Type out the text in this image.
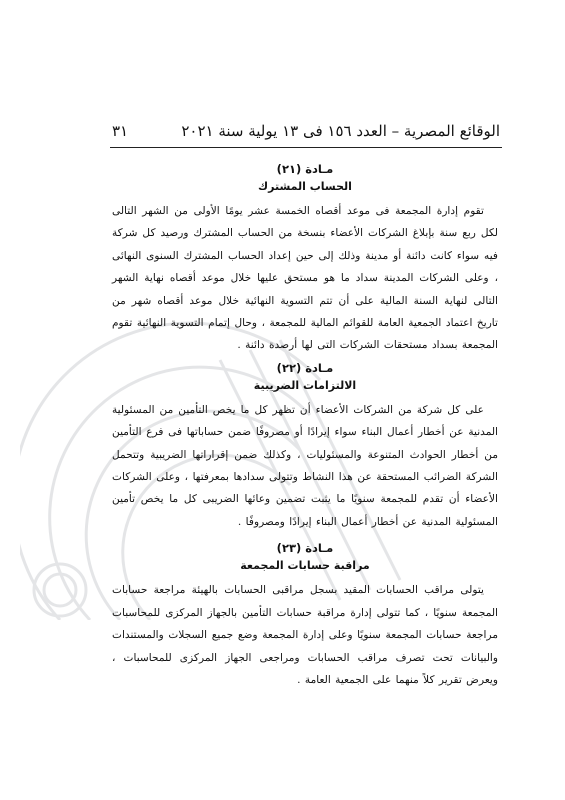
٣١	الوقائع المصرية – العدد ١٥٦ فى ١٣ يولية سنة ٢٠٢١

مـادة (٢١)

الحساب المشترك

تقوم إدارة المجمعة فى موعد أقصاه الخمسة عشر يومًا الأولى من الشهر التالى لكل ربع سنة بإبلاغ الشركات الأعضاء بنسخة من الحساب المشترك ورصيد كل شركة فيه سواء كانت دائنة أو مدينة وذلك إلى حين إعداد الحساب المشترك السنوى النهائى ، وعلى الشركات المدينة سداد ما هو مستحق عليها خلال موعد أقصاه نهاية الشهر التالى لنهاية السنة المالية على أن تتم التسوية النهائية خلال موعد أقصاه شهر من تاريخ اعتماد الجمعية العامة للقوائم المالية للمجمعة ، وحال إتمام التسوية النهائية تقوم المجمعة بسداد مستحقات الشركات التى لها أرصدة دائنة .

مـادة (٢٢)

الالتزامات الضريبية

على كل شركة من الشركات الأعضاء أن تظهر كل ما يخص التأمين من المسئولية المدنية عن أخطار أعمال البناء سواء إيرادًا أو مصروفًا ضمن حساباتها فى فرع التأمين من أخطار الحوادث المتنوعة والمسئوليات ، وكذلك ضمن إقراراتها الضريبية وتتحمل الشركة الضرائب المستحقة عن هذا النشاط وتتولى سدادها بمعرفتها ، وعلى الشركات الأعضاء أن تقدم للمجمعة سنويًا ما يثبت تضمين وعائها الضريبى كل ما يخص تأمين المسئولية المدنية عن أخطار أعمال البناء إيرادًا ومصروفًا .

مـادة (٢٣)

مراقبة حسابات المجمعة

يتولى مراقب الحسابات المقيد بسجل مراقبى الحسابات بالهيئة مراجعة حسابات المجمعة سنويًا ، كما تتولى إدارة مراقبة حسابات التأمين بالجهاز المركزى للمحاسبات مراجعة حسابات المجمعة سنويًا وعلى إدارة المجمعة وضع جميع السجلات والمستندات والبيانات تحت تصرف مراقب الحسابات ومراجعى الجهاز المركزى للمحاسبات ، ويعرض تقرير كلاً منهما على الجمعية العامة .
